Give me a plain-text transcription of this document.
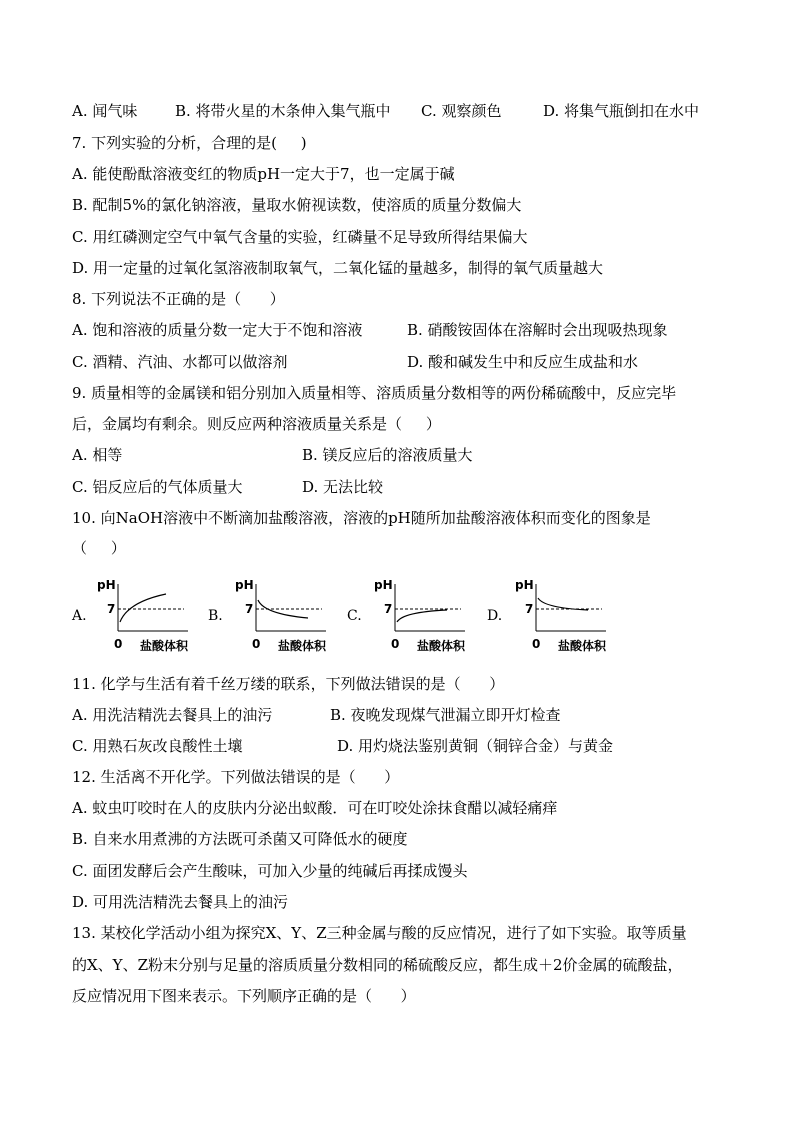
A. 闻气味	B. 将带火星的木条伸入集气瓶中 C. 观察颜色	D. 将集气瓶倒扣在水中
7. 下列实验的分析，合理的是(     )
A. 能使酚酞溶液变红的物质pH一定大于7，也一定属于碱
B. 配制5%的氯化钠溶液，量取水俯视读数，使溶质的质量分数偏大
C. 用红磷测定空气中氧气含量的实验，红磷量不足导致所得结果偏大
D. 用一定量的过氧化氢溶液制取氧气，二氧化锰的量越多，制得的氧气质量越大
8. 下列说法不正确的是（      ）
A. 饱和溶液的质量分数一定大于不饱和溶液	B. 硝酸铵固体在溶解时会出现吸热现象
C. 酒精、汽油、水都可以做溶剂	D. 酸和碱发生中和反应生成盐和水
9. 质量相等的金属镁和铝分别加入质量相等、溶质质量分数相等的两份稀硫酸中，反应完毕
后，金属均有剩余。则反应两种溶液质量关系是（     ）
A. 相等	B. 镁反应后的溶液质量大
C. 铝反应后的气体质量大	D. 无法比较
10. 向NaOH溶液中不断滴加盐酸溶液，溶液的pH随所加盐酸溶液体积而变化的图象是
（     ）
A.
pH
7
0 盐酸体积
B.
pH
7
0 盐酸体积
C.
pH
7
0 盐酸体积
D.
pH
7
0 盐酸体积
11. 化学与生活有着千丝万缕的联系，下列做法错误的是（      ）
A. 用洗洁精洗去餐具上的油污	B. 夜晚发现煤气泄漏立即开灯检查
C. 用熟石灰改良酸性土壤	D. 用灼烧法鉴别黄铜（铜锌合金）与黄金
12. 生活离不开化学。下列做法错误的是（      ）
A. 蚊虫叮咬时在人的皮肤内分泌出蚁酸．可在叮咬处涂抹食醋以减轻痛痒
B. 自来水用煮沸的方法既可杀菌又可降低水的硬度
C. 面团发酵后会产生酸味，可加入少量的纯碱后再揉成馒头
D. 可用洗洁精洗去餐具上的油污
13. 某校化学活动小组为探究X、Y、Z三种金属与酸的反应情况，进行了如下实验。取等质量
的X、Y、Z粉末分别与足量的溶质质量分数相同的稀硫酸反应，都生成＋2价金属的硫酸盐，
反应情况用下图来表示。下列顺序正确的是（      ）
